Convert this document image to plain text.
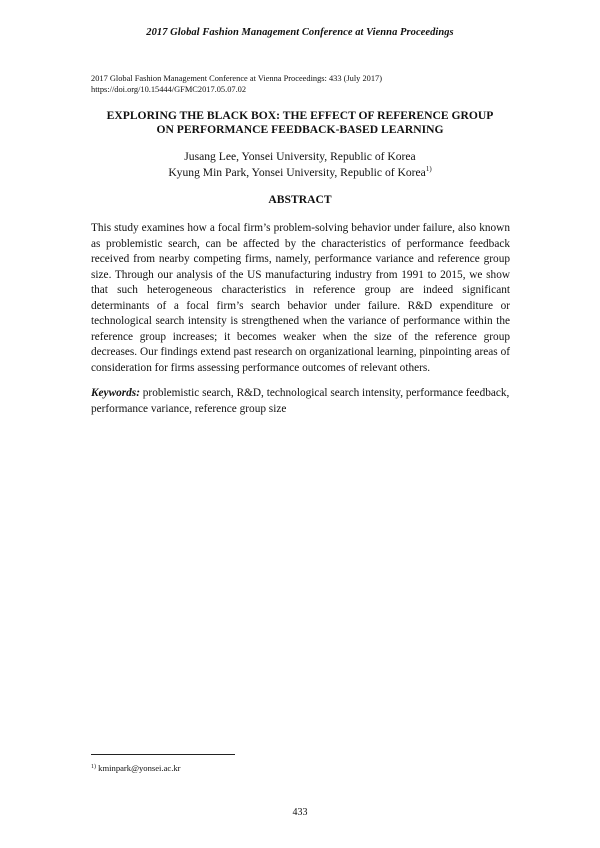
2017 Global Fashion Management Conference at Vienna Proceedings
2017 Global Fashion Management Conference at Vienna Proceedings: 433 (July 2017)
https://doi.org/10.15444/GFMC2017.05.07.02
EXPLORING THE BLACK BOX: THE EFFECT OF REFERENCE GROUP
ON PERFORMANCE FEEDBACK-BASED LEARNING
Jusang Lee, Yonsei University, Republic of Korea
Kyung Min Park, Yonsei University, Republic of Korea$^{1)}$
ABSTRACT

This study examines how a focal firm’s problem-solving behavior under failure, also known as problemistic search, can be affected by the characteristics of performance feedback received from nearby competing firms, namely, performance variance and reference group size. Through our analysis of the US manufacturing industry from 1991 to 2015, we show that such heterogeneous characteristics in reference group are indeed significant determinants of a focal firm’s search behavior under failure. R&D expenditure or technological search intensity is strengthened when the variance of performance within the reference group increases; it becomes weaker when the size of the reference group decreases. Our findings extend past research on organizational learning, pinpointing areas of consideration for firms assessing performance outcomes of relevant others.

Keywords: problemistic search, R&D, technological search intensity, performance feedback, performance variance, reference group size

$^{1)}$ kminpark@yonsei.ac.kr
433
